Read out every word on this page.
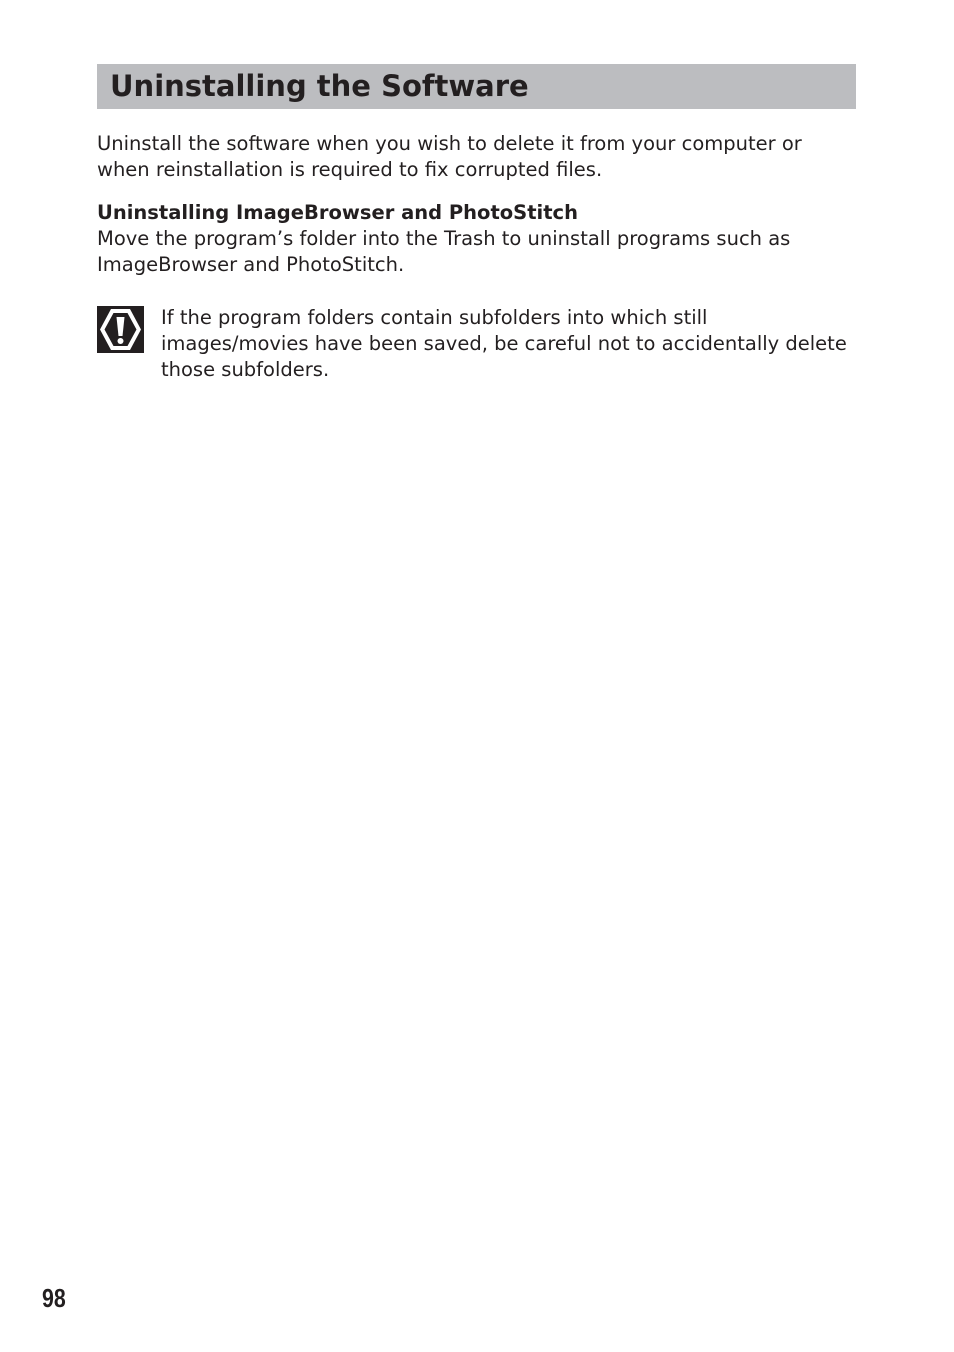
Uninstalling the Software
Uninstall the software when you wish to delete it from your computer or when reinstallation is required to fix corrupted files.
Uninstalling ImageBrowser and PhotoStitch
Move the program’s folder into the Trash to uninstall programs such as ImageBrowser and PhotoStitch.
If the program folders contain subfolders into which still images/movies have been saved, be careful not to accidentally delete those subfolders.
98
